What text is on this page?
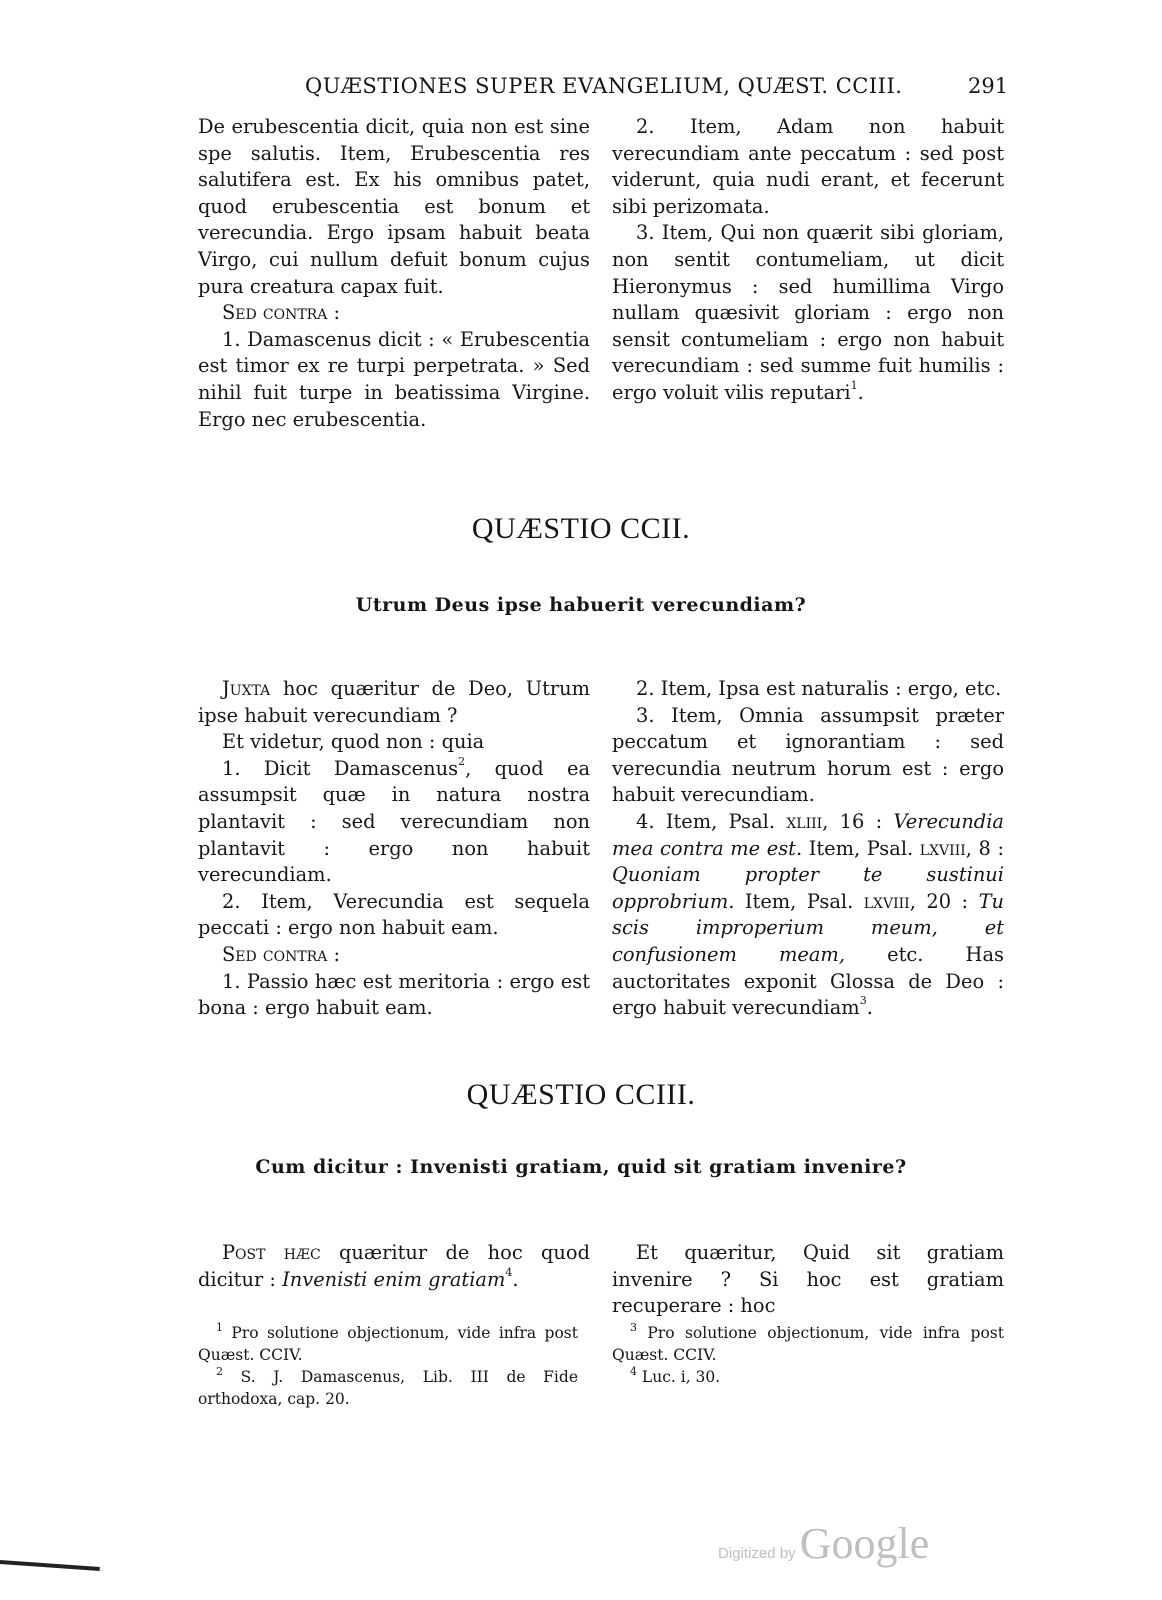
QUÆSTIONES SUPER EVANGELIUM, QUÆST. CCIII.	291

De erubescentia dicit, quia non est sine spe salutis. Item, Erubescentia res salutifera est. Ex his omnibus patet, quod erubescentia est bonum et verecundia. Ergo ipsam habuit beata Virgo, cui nullum defuit bonum cujus pura creatura capax fuit.

Sed contra :

1. Damascenus dicit : « Erubescentia est timor ex re turpi perpetrata. » Sed nihil fuit turpe in beatissima Virgine. Ergo nec erubescentia.

2. Item, Adam non habuit verecundiam ante peccatum : sed post viderunt, quia nudi erant, et fecerunt sibi perizomata.

3. Item, Qui non quærit sibi gloriam, non sentit contumeliam, ut dicit Hieronymus : sed humillima Virgo nullam quæsivit gloriam : ergo non sensit contumeliam : ergo non habuit verecundiam : sed summe fuit humilis : ergo voluit vilis reputari$^1$.

QUÆSTIO CCII.
Utrum Deus ipse habuerit verecundiam?

Juxta hoc quæritur de Deo, Utrum ipse habuit verecundiam ?

Et videtur, quod non : quia

1. Dicit Damascenus$^2$, quod ea assumpsit quæ in natura nostra plantavit : sed verecundiam non plantavit : ergo non habuit verecundiam.

2. Item, Verecundia est sequela peccati : ergo non habuit eam.

Sed contra :

1. Passio hæc est meritoria : ergo est bona : ergo habuit eam.

2. Item, Ipsa est naturalis : ergo, etc.

3. Item, Omnia assumpsit præter peccatum et ignorantiam : sed verecundia neutrum horum est : ergo habuit verecundiam.

4. Item, Psal. xliii, 16 : Verecundia mea contra me est. Item, Psal. lxviii, 8 : Quoniam propter te sustinui opprobrium. Item, Psal. lxviii, 20 : Tu scis improperium meum, et confusionem meam, etc. Has auctoritates exponit Glossa de Deo : ergo habuit verecundiam$^3$.

QUÆSTIO CCIII.
Cum dicitur : Invenisti gratiam, quid sit gratiam invenire?

Post hæc quæritur de hoc quod dicitur : Invenisti enim gratiam$^4$.

Et quæritur, Quid sit gratiam invenire ? Si hoc est gratiam recuperare : hoc

$^1$ Pro solutione objectionum, vide infra post Quæst. CCIV.

$^2$ S. J. Damascenus, Lib. III de Fide orthodoxa, cap. 20.

$^3$ Pro solutione objectionum, vide infra post Quæst. CCIV.

$^4$ Luc. i, 30.

Digitized by Google
